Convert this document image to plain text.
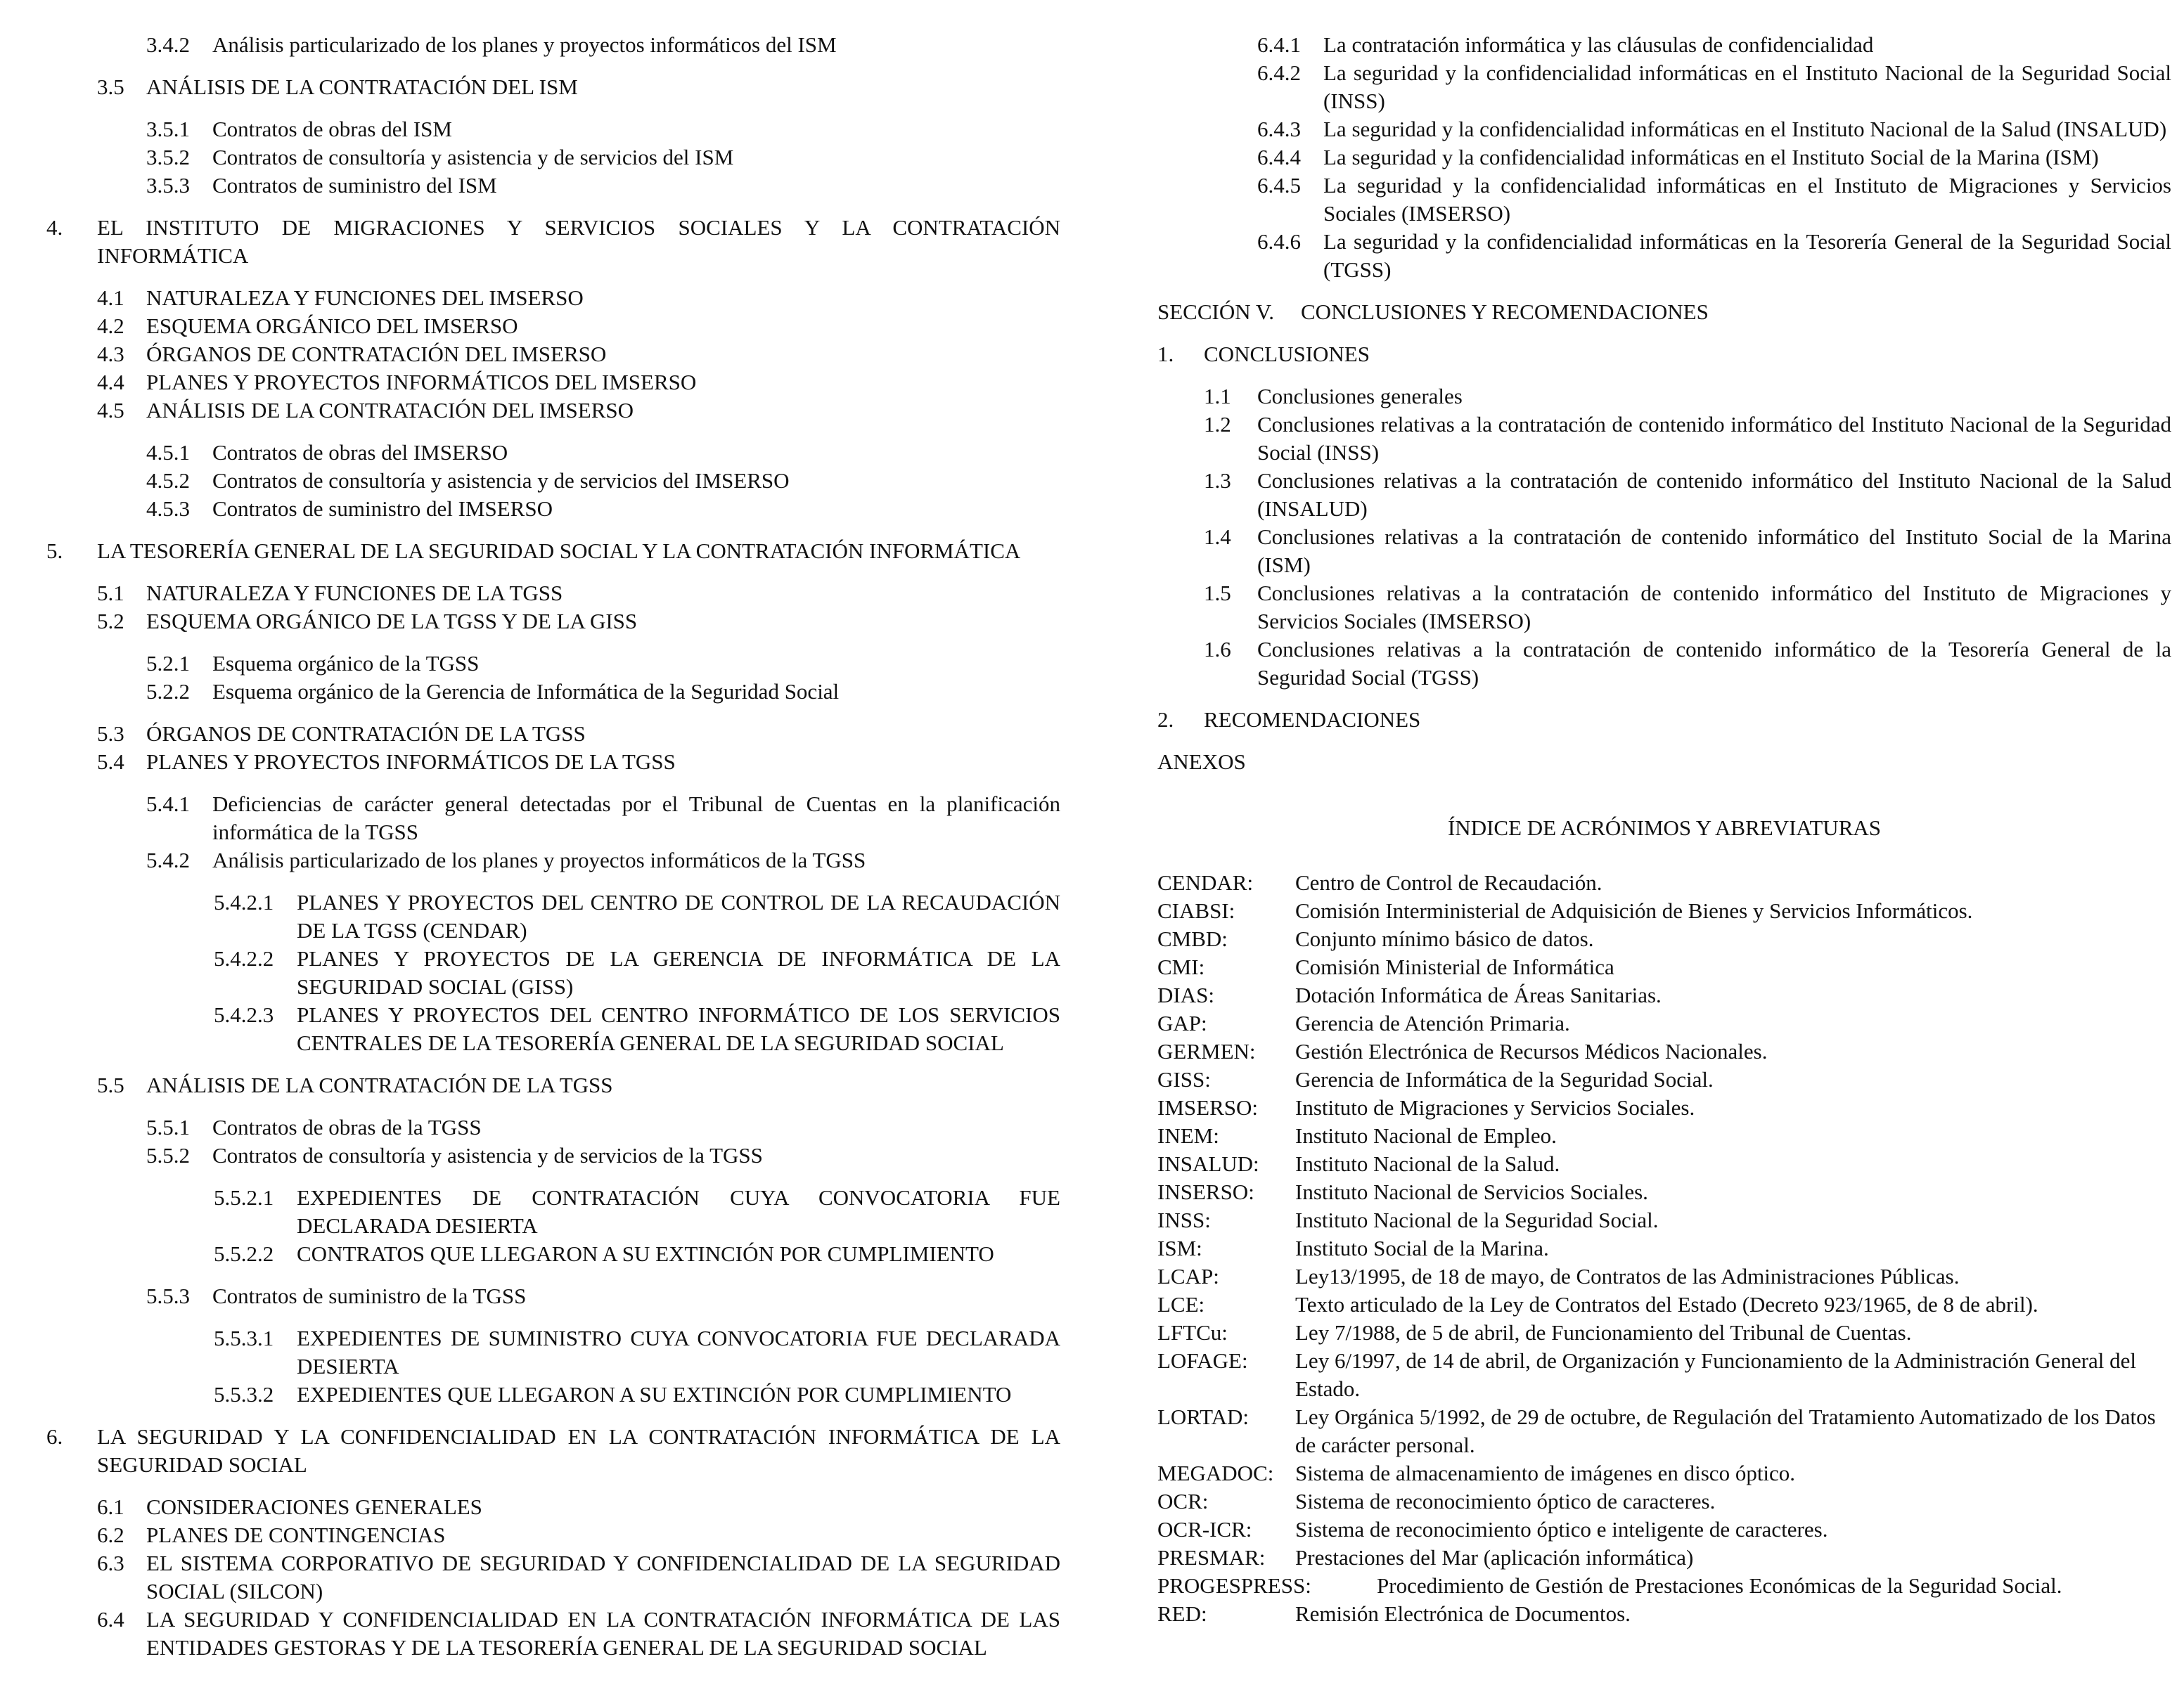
3.4.2	Análisis particularizado de los planes y proyectos informáticos del ISM
3.5	ANÁLISIS DE LA CONTRATACIÓN DEL ISM
3.5.1	Contratos de obras del ISM
3.5.2	Contratos de consultoría y asistencia y de servicios del ISM
3.5.3	Contratos de suministro del ISM
4.	EL INSTITUTO DE MIGRACIONES Y SERVICIOS SOCIALES Y LA CONTRATACIÓN INFORMÁTICA
4.1	NATURALEZA Y FUNCIONES DEL IMSERSO
4.2	ESQUEMA ORGÁNICO DEL IMSERSO
4.3	ÓRGANOS DE CONTRATACIÓN DEL IMSERSO
4.4	PLANES Y PROYECTOS INFORMÁTICOS DEL IMSERSO
4.5	ANÁLISIS DE LA CONTRATACIÓN DEL IMSERSO
4.5.1	Contratos de obras del IMSERSO
4.5.2	Contratos de consultoría y asistencia y de servicios del IMSERSO
4.5.3	Contratos de suministro del IMSERSO
5.	LA TESORERÍA GENERAL DE LA SEGURIDAD SOCIAL Y LA CONTRATACIÓN INFORMÁTICA
5.1	NATURALEZA Y FUNCIONES DE LA TGSS
5.2	ESQUEMA ORGÁNICO DE LA TGSS Y DE LA GISS
5.2.1	Esquema orgánico de la TGSS
5.2.2	Esquema orgánico de la Gerencia de Informática de la Seguridad Social
5.3	ÓRGANOS DE CONTRATACIÓN DE LA TGSS
5.4	PLANES Y PROYECTOS INFORMÁTICOS DE LA TGSS
5.4.1	Deficiencias de carácter general detectadas por el Tribunal de Cuentas en la planificación informática de la TGSS
5.4.2	Análisis particularizado de los planes y proyectos informáticos de la TGSS
5.4.2.1	PLANES Y PROYECTOS DEL CENTRO DE CONTROL DE LA RECAUDACIÓN DE LA TGSS (CENDAR)
5.4.2.2	PLANES Y PROYECTOS DE LA GERENCIA DE INFORMÁTICA DE LA SEGURIDAD SOCIAL (GISS)
5.4.2.3	PLANES Y PROYECTOS DEL CENTRO INFORMÁTICO DE LOS SERVICIOS CENTRALES DE LA TESORERÍA GENERAL DE LA SEGURIDAD SOCIAL
5.5	ANÁLISIS DE LA CONTRATACIÓN DE LA TGSS
5.5.1	Contratos de obras de la TGSS
5.5.2	Contratos de consultoría y asistencia y de servicios de la TGSS
5.5.2.1	EXPEDIENTES DE CONTRATACIÓN CUYA CONVOCATORIA FUE DECLARADA DESIERTA
5.5.2.2	CONTRATOS QUE LLEGARON A SU EXTINCIÓN POR CUMPLIMIENTO
5.5.3	Contratos de suministro de la TGSS
5.5.3.1	EXPEDIENTES DE SUMINISTRO CUYA CONVOCATORIA FUE DECLARADA DESIERTA
5.5.3.2	EXPEDIENTES QUE LLEGARON A SU EXTINCIÓN POR CUMPLIMIENTO
6.	LA SEGURIDAD Y LA CONFIDENCIALIDAD EN LA CONTRATACIÓN INFORMÁTICA DE LA SEGURIDAD SOCIAL
6.1	CONSIDERACIONES GENERALES
6.2	PLANES DE CONTINGENCIAS
6.3	EL SISTEMA CORPORATIVO DE SEGURIDAD Y CONFIDENCIALIDAD DE LA SEGURIDAD SOCIAL (SILCON)
6.4	LA SEGURIDAD Y CONFIDENCIALIDAD EN LA CONTRATACIÓN INFORMÁTICA DE LAS ENTIDADES GESTORAS Y DE LA TESORERÍA GENERAL DE LA SEGURIDAD SOCIAL
6.4.1	La contratación informática y las cláusulas de confidencialidad
6.4.2	La seguridad y la confidencialidad informáticas en el Instituto Nacional de la Seguridad Social (INSS)
6.4.3	La seguridad y la confidencialidad informáticas en el Instituto Nacional de la Salud (INSALUD)
6.4.4	La seguridad y la confidencialidad informáticas en el Instituto Social de la Marina (ISM)
6.4.5	La seguridad y la confidencialidad informáticas en el Instituto de Migraciones y Servicios Sociales (IMSERSO)
6.4.6	La seguridad y la confidencialidad informáticas en la Tesorería General de la Seguridad Social (TGSS)
SECCIÓN V.	CONCLUSIONES Y RECOMENDACIONES
1.	CONCLUSIONES
1.1	Conclusiones generales
1.2	Conclusiones relativas a la contratación de contenido informático del Instituto Nacional de la Seguridad Social (INSS)
1.3	Conclusiones relativas a la contratación de contenido informático del Instituto Nacional de la Salud (INSALUD)
1.4	Conclusiones relativas a la contratación de contenido informático del Instituto Social de la Marina (ISM)
1.5	Conclusiones relativas a la contratación de contenido informático del Instituto de Migraciones y Servicios Sociales (IMSERSO)
1.6	Conclusiones relativas a la contratación de contenido informático de la Tesorería General de la Seguridad Social (TGSS)
2.	RECOMENDACIONES
ANEXOS
ÍNDICE DE ACRÓNIMOS Y ABREVIATURAS
CENDAR:	Centro de Control de Recaudación.
CIABSI:	Comisión Interministerial de Adquisición de Bienes y Servicios Informáticos.
CMBD:	Conjunto mínimo básico de datos.
CMI:	Comisión Ministerial de Informática
DIAS:	Dotación Informática de Áreas Sanitarias.
GAP:	Gerencia de Atención Primaria.
GERMEN:	Gestión Electrónica de Recursos Médicos Nacionales.
GISS:	Gerencia de Informática de la Seguridad Social.
IMSERSO:	Instituto de Migraciones y Servicios Sociales.
INEM:	Instituto Nacional de Empleo.
INSALUD:	Instituto Nacional de la Salud.
INSERSO:	Instituto Nacional de Servicios Sociales.
INSS:	Instituto Nacional de la Seguridad Social.
ISM:	Instituto Social de la Marina.
LCAP:	Ley13/1995, de 18 de mayo, de Contratos de las Administraciones Públicas.
LCE:	Texto articulado de la Ley de Contratos del Estado (Decreto 923/1965, de 8 de abril).
LFTCu:	Ley 7/1988, de 5 de abril, de Funcionamiento del Tribunal de Cuentas.
LOFAGE:	Ley 6/1997, de 14 de abril, de Organización y Funcionamiento de la Administración General del Estado.
LORTAD:	Ley Orgánica 5/1992, de 29 de octubre, de Regulación del Tratamiento Automatizado de los Datos de carácter personal.
MEGADOC: Sistema de almacenamiento de imágenes en disco óptico.
OCR:	Sistema de reconocimiento óptico de caracteres.
OCR-ICR:	Sistema de reconocimiento óptico e inteligente de caracteres.
PRESMAR:	Prestaciones del Mar (aplicación informática)
PROGESPRESS:	Procedimiento de Gestión de Prestaciones Económicas de la Seguridad Social.
RED:	Remisión Electrónica de Documentos.
